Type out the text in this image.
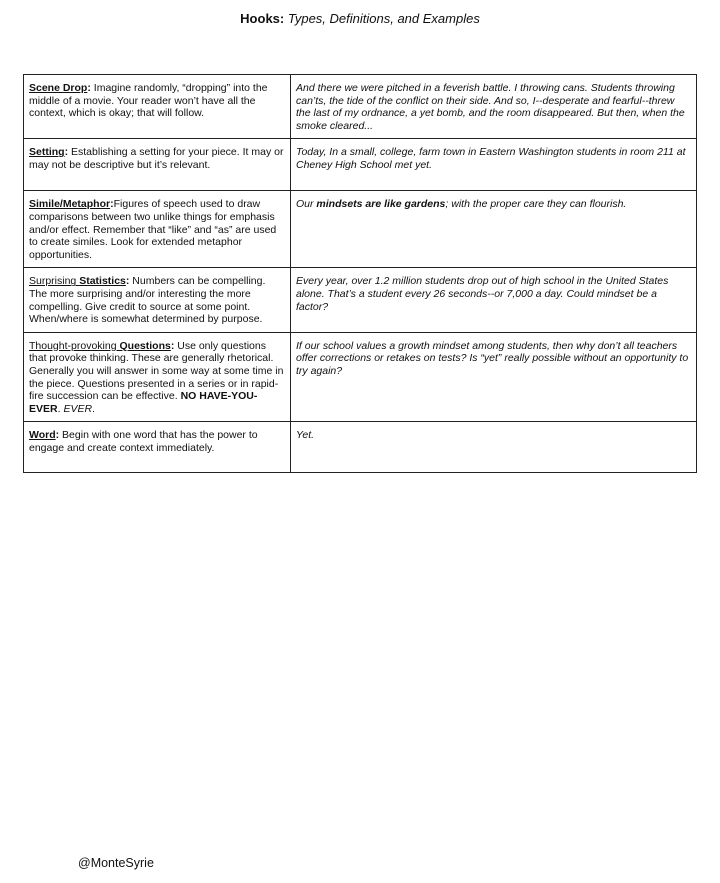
Hooks: Types, Definitions, and Examples
Scene Drop: Imagine randomly, “dropping” into the middle of a movie. Your reader won’t have all the context, which is okay; that will follow.	And there we were pitched in a feverish battle. I throwing cans. Students throwing can’ts, the tide of the conflict on their side. And so, I--desperate and fearful--threw the last of my ordnance, a yet bomb, and the room disappeared. But then, when the smoke cleared...
Setting: Establishing a setting for your piece. It may or may not be descriptive but it’s relevant.	Today, In a small, college, farm town in Eastern Washington students in room 211 at Cheney High School met yet.
Simile/Metaphor:Figures of speech used to draw comparisons between two unlike things for emphasis and/or effect. Remember that “like” and “as” are used to create similes. Look for extended metaphor opportunities.	Our mindsets are like gardens; with the proper care they can flourish.
Surprising Statistics: Numbers can be compelling. The more surprising and/or interesting the more compelling. Give credit to source at some point. When/where is somewhat determined by purpose.	Every year, over 1.2 million students drop out of high school in the United States alone. That’s a student every 26 seconds--or 7,000 a day. Could mindset be a factor?
Thought-provoking Questions: Use only questions that provoke thinking. These are generally rhetorical. Generally you will answer in some way at some time in the piece. Questions presented in a series or in rapid-fire succession can be effective. NO HAVE-YOU-EVER. EVER.	If our school values a growth mindset among students, then why don’t all teachers offer corrections or retakes on tests? Is “yet” really possible without an opportunity to try again?
Word: Begin with one word that has the power to engage and create context immediately.	Yet.
@MonteSyrie
